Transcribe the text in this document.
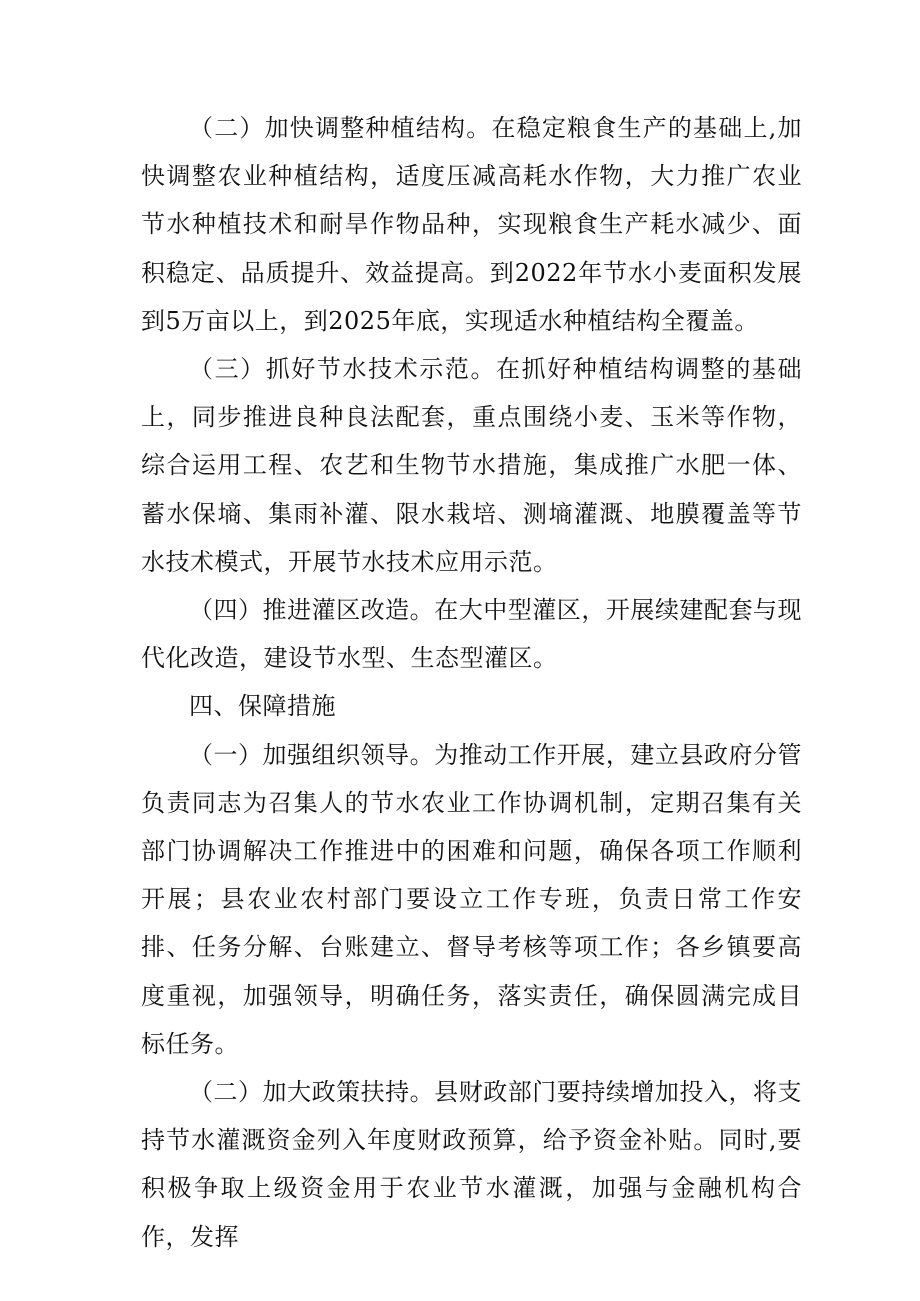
（二）加快调整种植结构。在稳定粮食生产的基础上,加快调整农业种植结构，适度压减高耗水作物，大力推广农业节水种植技术和耐旱作物品种，实现粮食生产耗水减少、面积稳定、品质提升、效益提高。到2022年节水小麦面积发展到5万亩以上，到2025年底，实现适水种植结构全覆盖。

（三）抓好节水技术示范。在抓好种植结构调整的基础上，同步推进良种良法配套，重点围绕小麦、玉米等作物，综合运用工程、农艺和生物节水措施，集成推广水肥一体、蓄水保墒、集雨补灌、限水栽培、测墒灌溉、地膜覆盖等节水技术模式，开展节水技术应用示范。

（四）推进灌区改造。在大中型灌区，开展续建配套与现代化改造，建设节水型、生态型灌区。

四、保障措施

（一）加强组织领导。为推动工作开展，建立县政府分管负责同志为召集人的节水农业工作协调机制，定期召集有关部门协调解决工作推进中的困难和问题，确保各项工作顺利开展；县农业农村部门要设立工作专班，负责日常工作安排、任务分解、台账建立、督导考核等项工作；各乡镇要高度重视，加强领导，明确任务，落实责任，确保圆满完成目标任务。

（二）加大政策扶持。县财政部门要持续增加投入，将支持节水灌溉资金列入年度财政预算，给予资金补贴。同时,要积极争取上级资金用于农业节水灌溉，加强与金融机构合作，发挥
